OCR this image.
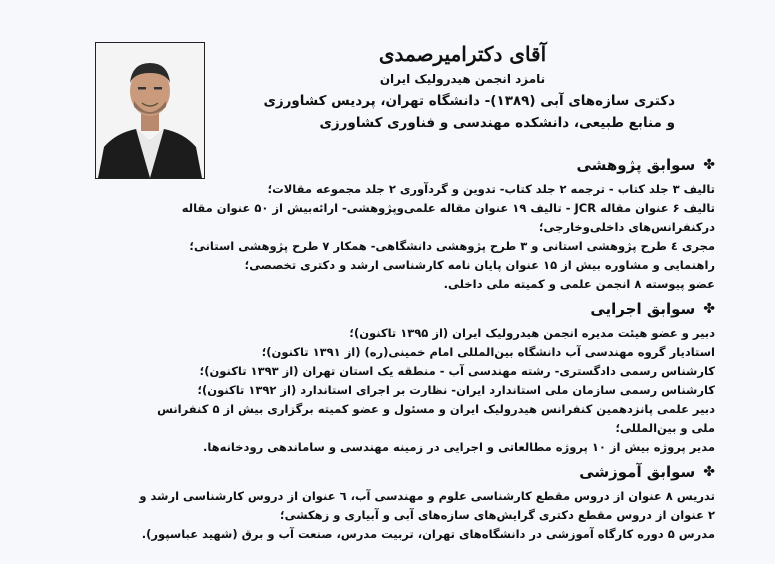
آقای دکترامیرصمدی
نامزد انجمن هیدرولیک ایران
دکتری سازه‌های آبی (۱۳۸۹)- دانشگاه تهران، پردیس کشاورزی
و منابع طبیعی، دانشکده مهندسی و فناوری کشاورزی
✤
سوابق پژوهشی

تالیف ۳ جلد کتاب - ترجمه ۲ جلد کتاب- تدوین و گردآوری ۲ جلد مجموعه مقالات؛

تالیف ۶ عنوان مقاله JCR - تالیف ۱۹ عنوان مقاله علمی‌وپژوهشی- ارائه‌بیش از ۵۰ عنوان مقاله درکنفرانس‌های داخلی‌وخارجی؛

مجری ٤ طرح پژوهشی استانی و ۳ طرح پژوهشی دانشگاهی- همکار ۷ طرح پژوهشی استانی؛

راهنمایی و مشاوره بیش از ۱۵ عنوان پایان نامه کارشناسی ارشد و دکتری تخصصی؛

عضو پیوسته ۸ انجمن علمی و کمیته ملی داخلی.

✤
سوابق اجرایی

دبیر و عضو هیئت مدیره انجمن هیدرولیک ایران (از ۱۳۹۵ تاکنون)؛

استادیار گروه مهندسی آب دانشگاه بین‌المللی امام خمینی(ره) (از ۱۳۹۱ تاکنون)؛

کارشناس رسمی دادگستری- رشته مهندسی آب - منطقه یک استان تهران (از ۱۳۹۳ تاکنون)؛

کارشناس رسمی سازمان ملی استاندارد ایران- نظارت بر اجرای استاندارد (از ۱۳۹۲ تاکنون)؛

دبیر علمی پانزدهمین کنفرانس هیدرولیک ایران و مسئول و عضو کمیته برگزاری بیش از ۵ کنفرانس ملی و بین‌المللی؛

مدیر پروژه بیش از ۱۰ پروژه مطالعاتی و اجرایی در زمینه مهندسی و ساماندهی رودخانه‌ها.

✤
سوابق آموزشی

تدریس ۸ عنوان از دروس مقطع کارشناسی علوم و مهندسی آب، ٦ عنوان از دروس کارشناسی ارشد و ۲ عنوان از دروس مقطع دکتری گرایش‌های سازه‌های آبی و آبیاری و زهکشی؛

مدرس ۵ دوره کارگاه آموزشی در دانشگاه‌های تهران، تربیت مدرس، صنعت آب و برق (شهید عباسپور).
